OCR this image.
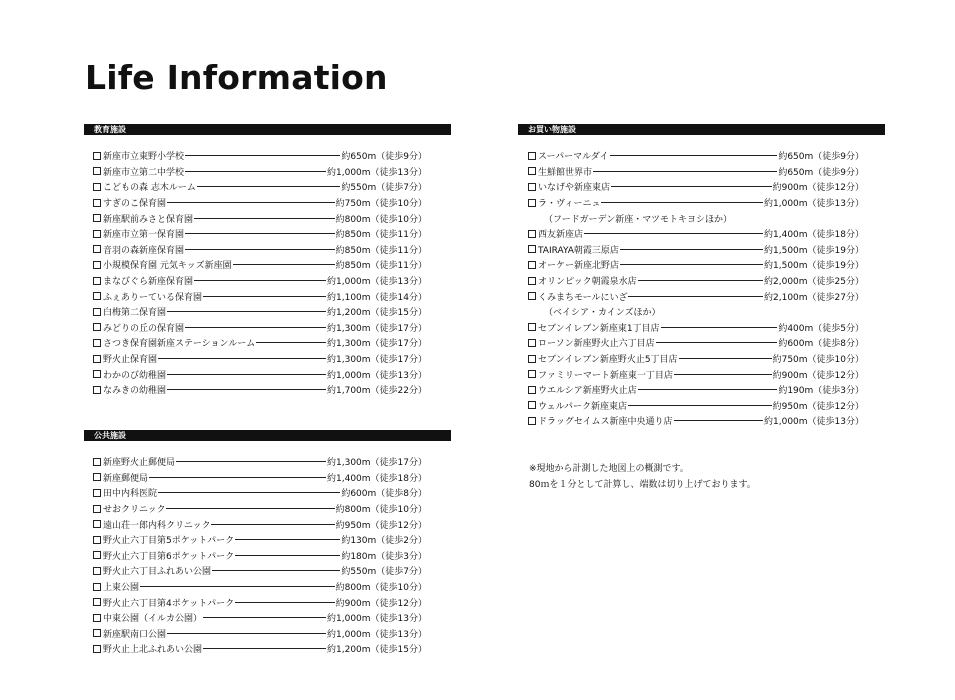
Life Information
教育施設
新座市立東野小学校	約650m（徒歩9分）
新座市立第二中学校	約1,000m（徒歩13分）
こどもの森 志木ルーム	約550m（徒歩7分）
すぎのこ保育園	約750m（徒歩10分）
新座駅前みさと保育園	約800m（徒歩10分）
新座市立第一保育園	約850m（徒歩11分）
音羽の森新座保育園	約850m（徒歩11分）
小規模保育園 元気キッズ新座園	約850m（徒歩11分）
まなびぐら新座保育園	約1,000m（徒歩13分）
ふぇありーている保育園	約1,100m（徒歩14分）
白梅第二保育園	約1,200m（徒歩15分）
みどりの丘の保育園	約1,300m（徒歩17分）
さつき保育園新座ステーションルーム	約1,300m（徒歩17分）
野火止保育園	約1,300m（徒歩17分）
わかのび幼稚園	約1,000m（徒歩13分）
なみきの幼稚園	約1,700m（徒歩22分）
公共施設
新座野火止郵便局	約1,300m（徒歩17分）
新座郵便局	約1,400m（徒歩18分）
田中内科医院	約600m（徒歩8分）
せおクリニック	約800m（徒歩10分）
遠山荘一郎内科クリニック	約950m（徒歩12分）
野火止六丁目第5ポケットパーク	約130m（徒歩2分）
野火止六丁目第6ポケットパーク	約180m（徒歩3分）
野火止六丁目ふれあい公園	約550m（徒歩7分）
上東公園	約800m（徒歩10分）
野火止六丁目第4ポケットパーク	約900m（徒歩12分）
中東公園（イルカ公園）	約1,000m（徒歩13分）
新座駅南口公園	約1,000m（徒歩13分）
野火止上北ふれあい公園	約1,200m（徒歩15分）
お買い物施設
スーパーマルダイ	約650m（徒歩9分）
生鮮館世界市	約650m（徒歩9分）
いなげや新座東店	約900m（徒歩12分）
ラ・ヴィーニュ	約1,000m（徒歩13分）
（フードガーデン新座・マツモトキヨシほか）
西友新座店	約1,400m（徒歩18分）
TAIRAYA朝霞三原店	約1,500m（徒歩19分）
オーケー新座北野店	約1,500m（徒歩19分）
オリンピック朝霞泉水店	約2,000m（徒歩25分）
くみまちモールにいざ	約2,100m（徒歩27分）
（ベイシア・カインズほか）
セブンイレブン新座東1丁目店	約400m（徒歩5分）
ローソン新座野火止六丁目店	約600m（徒歩8分）
セブンイレブン新座野火止5丁目店	約750m（徒歩10分）
ファミリーマート新座東一丁目店	約900m（徒歩12分）
ウエルシア新座野火止店	約190m（徒歩3分）
ウェルパーク新座東店	約950m（徒歩12分）
ドラッグセイムス新座中央通り店	約1,000m（徒歩13分）
※現地から計測した地図上の概測です。
80ｍを１分として計算し、端数は切り上げております。
